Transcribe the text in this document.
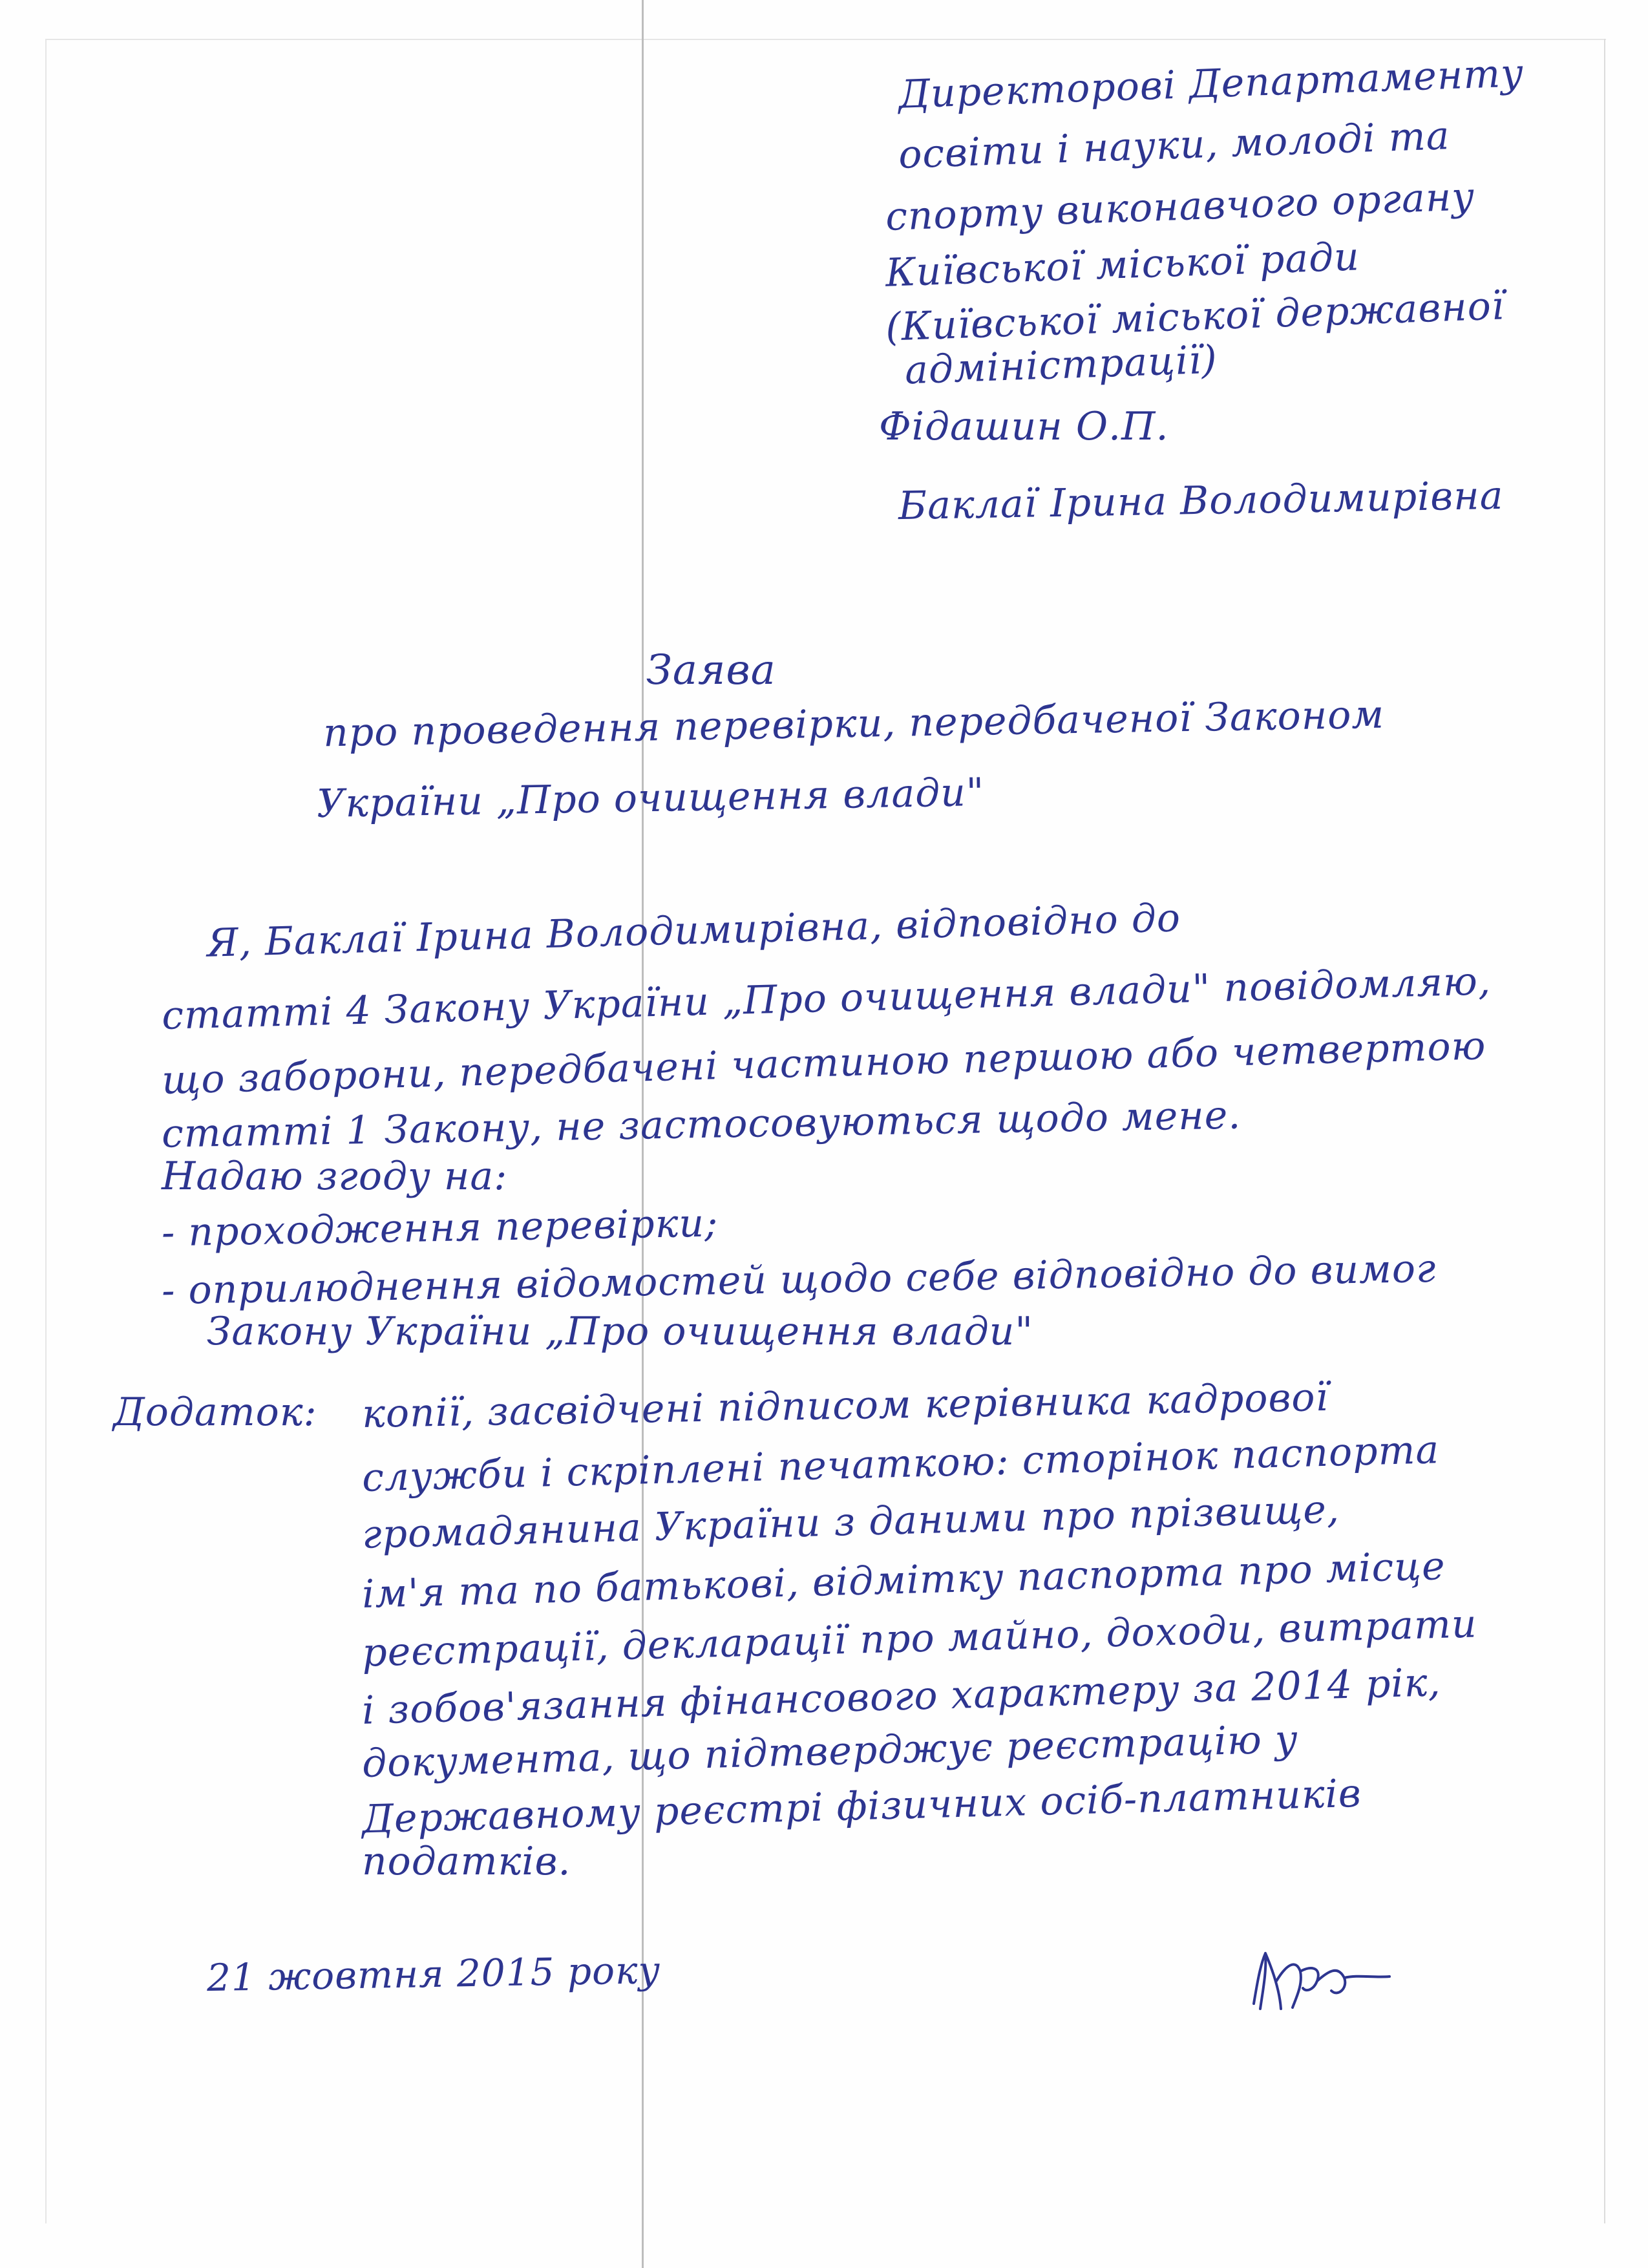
Директорові Департаменту
освіти і науки, молоді та
спорту виконавчого органу
Київської міської ради
(Київської міської державної
адміністрації)
Фідашин О.П.
Баклаї Ірина Володимирівна
Заява
про проведення перевірки, передбаченої Законом
України „Про очищення влади"
Я, Баклаї Ірина Володимирівна, відповідно до
статті 4 Закону України „Про очищення влади" повідомляю,
що заборони, передбачені частиною першою або четвертою
статті 1 Закону, не застосовуються щодо мене.
Надаю згоду на:
- проходження перевірки;
- оприлюднення відомостей щодо себе відповідно до вимог
Закону України „Про очищення влади"
Додаток: копії, засвідчені підписом керівника кадрової
служби і скріплені печаткою: сторінок паспорта
громадянина України з даними про прізвище,
ім'я та по батькові, відмітку паспорта про місце
реєстрації, декларації про майно, доходи, витрати
і зобов'язання фінансового характеру за 2014 рік,
документа, що підтверджує реєстрацію у
Державному реєстрі фізичних осіб-платників
податків.
21 жовтня 2015 року
